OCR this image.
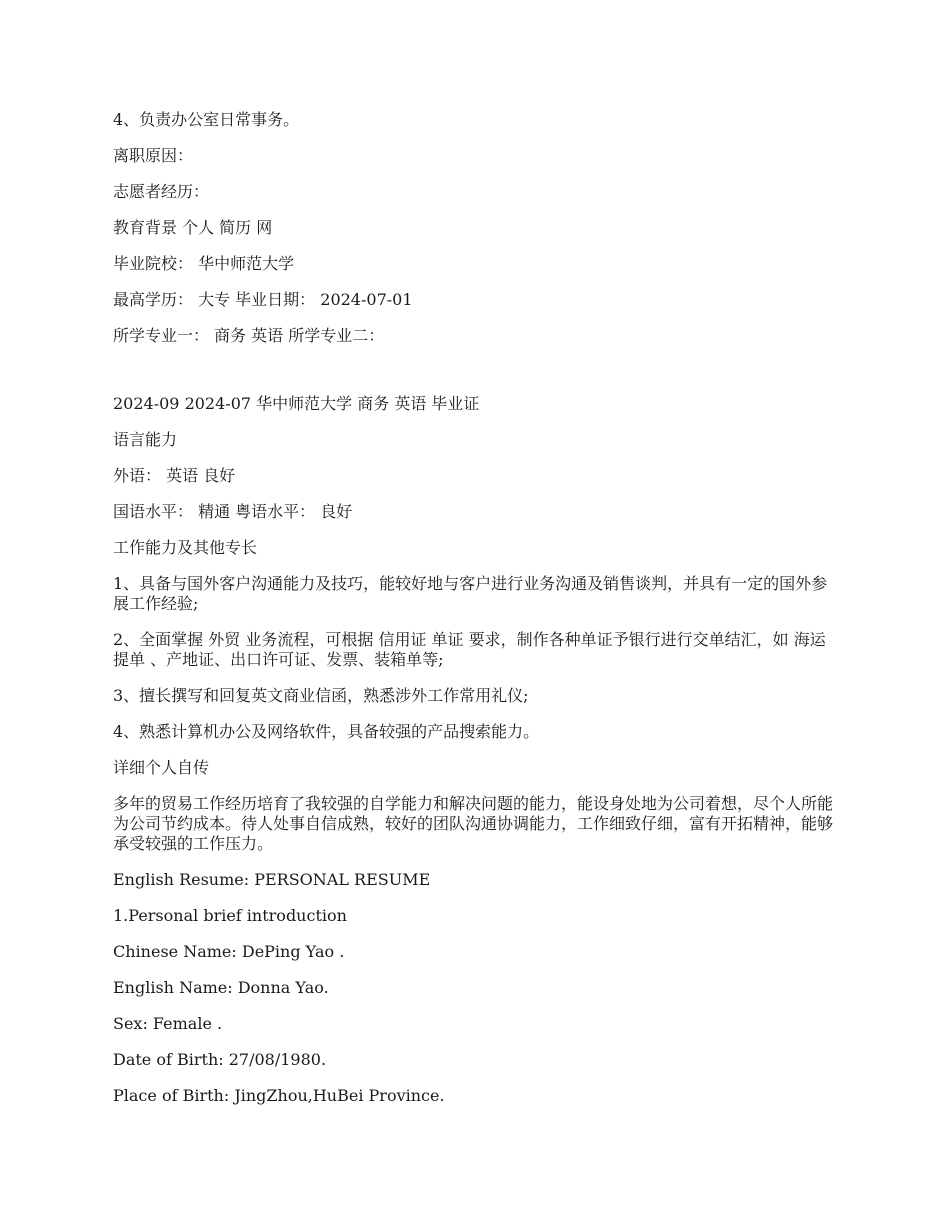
4、负责办公室日常事务。

离职原因：

志愿者经历：

教育背景 个人 简历 网

毕业院校： 华中师范大学

最高学历： 大专 毕业日期： 2024-07-01

所学专业一： 商务 英语 所学专业二：

2024-09 2024-07 华中师范大学 商务 英语 毕业证

语言能力

外语： 英语 良好

国语水平： 精通 粤语水平： 良好

工作能力及其他专长

1、具备与国外客户沟通能力及技巧，能较好地与客户进行业务沟通及销售谈判，并具有一定的国外参展工作经验;

2、全面掌握 外贸 业务流程，可根据 信用证 单证 要求，制作各种单证予银行进行交单结汇，如 海运 提单 、产地证、出口许可证、发票、装箱单等;

3、擅长撰写和回复英文商业信函，熟悉涉外工作常用礼仪;

4、熟悉计算机办公及网络软件，具备较强的产品搜索能力。

详细个人自传

多年的贸易工作经历培育了我较强的自学能力和解决问题的能力，能设身处地为公司着想，尽个人所能为公司节约成本。待人处事自信成熟，较好的团队沟通协调能力，工作细致仔细，富有开拓精神，能够承受较强的工作压力。

English Resume: PERSONAL RESUME

1.Personal brief introduction

Chinese Name: DePing Yao .

English Name: Donna Yao.

Sex: Female .

Date of Birth: 27/08/1980.

Place of Birth: JingZhou,HuBei Province.
